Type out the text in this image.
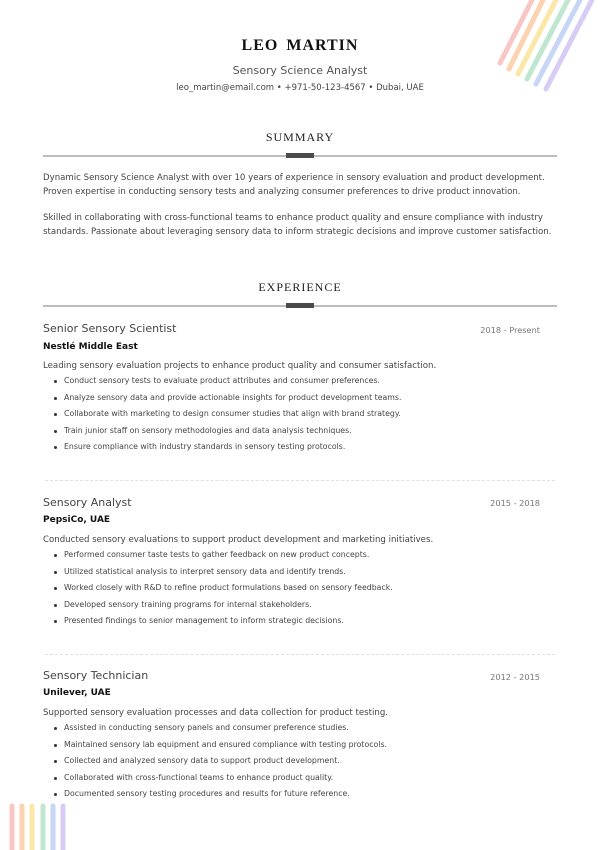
LEO MARTIN
Sensory Science Analyst
leo_martin@email.com • +971-50-123-4567 • Dubai, UAE
SUMMARY
Dynamic Sensory Science Analyst with over 10 years of experience in sensory evaluation and product development. Proven expertise in conducting sensory tests and analyzing consumer preferences to drive product innovation.
Skilled in collaborating with cross-functional teams to enhance product quality and ensure compliance with industry standards. Passionate about leveraging sensory data to inform strategic decisions and improve customer satisfaction.
EXPERIENCE
Senior Sensory Scientist	2018 - Present
Nestlé Middle East
Leading sensory evaluation projects to enhance product quality and consumer satisfaction.
Conduct sensory tests to evaluate product attributes and consumer preferences.
Analyze sensory data and provide actionable insights for product development teams.
Collaborate with marketing to design consumer studies that align with brand strategy.
Train junior staff on sensory methodologies and data analysis techniques.
Ensure compliance with industry standards in sensory testing protocols.
Sensory Analyst	2015 - 2018
PepsiCo, UAE
Conducted sensory evaluations to support product development and marketing initiatives.
Performed consumer taste tests to gather feedback on new product concepts.
Utilized statistical analysis to interpret sensory data and identify trends.
Worked closely with R&D to refine product formulations based on sensory feedback.
Developed sensory training programs for internal stakeholders.
Presented findings to senior management to inform strategic decisions.
Sensory Technician	2012 - 2015
Unilever, UAE
Supported sensory evaluation processes and data collection for product testing.
Assisted in conducting sensory panels and consumer preference studies.
Maintained sensory lab equipment and ensured compliance with testing protocols.
Collected and analyzed sensory data to support product development.
Collaborated with cross-functional teams to enhance product quality.
Documented sensory testing procedures and results for future reference.
